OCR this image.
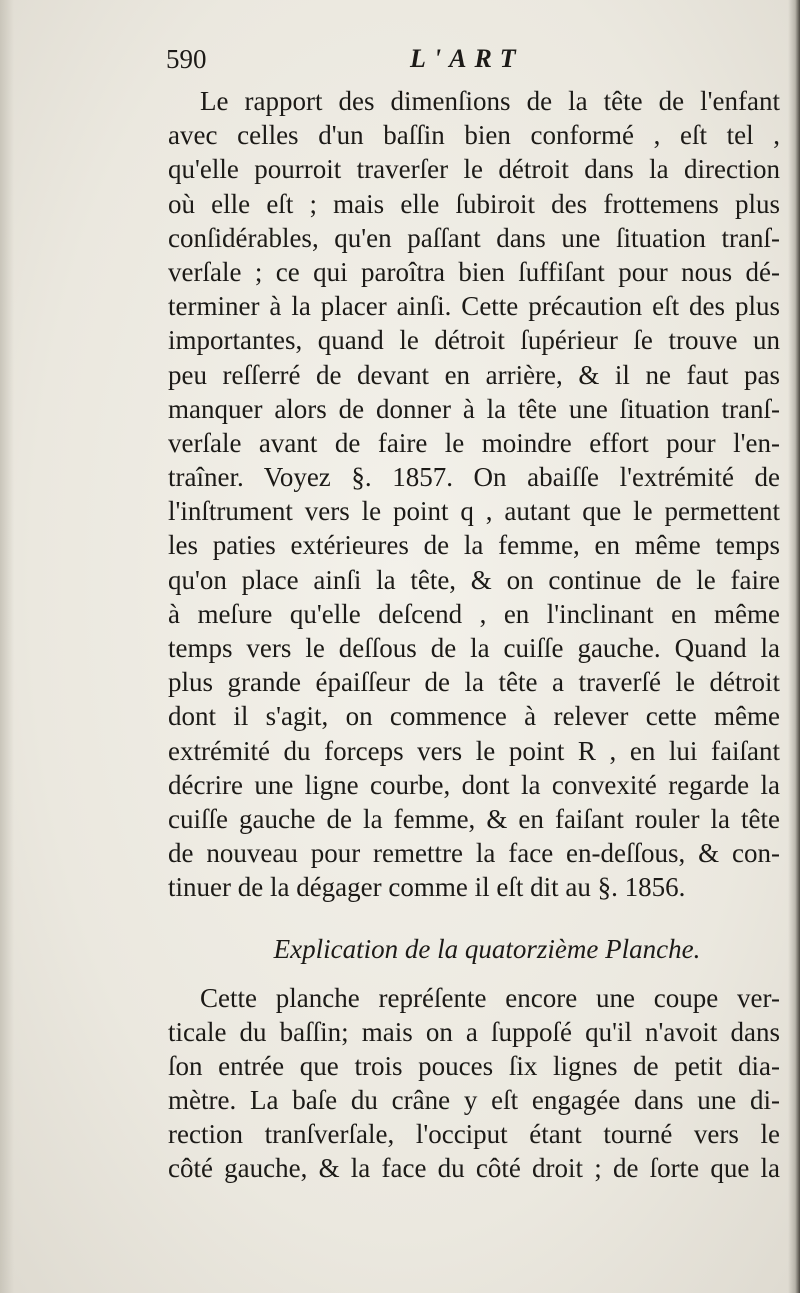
590	L'ART
Le rapport des dimenſions de la tête de l'enfant
avec celles d'un baſſin bien conformé , eſt tel ,
qu'elle pourroit traverſer le détroit dans la direction
où elle eſt ; mais elle ſubiroit des frottemens plus
conſidérables, qu'en paſſant dans une ſituation tranſ-
verſale ; ce qui paroîtra bien ſuffiſant pour nous dé-
terminer à la placer ainſi. Cette précaution eſt des plus
importantes, quand le détroit ſupérieur ſe trouve un
peu reſſerré de devant en arrière, & il ne faut pas
manquer alors de donner à la tête une ſituation tranſ-
verſale avant de faire le moindre effort pour l'en-
traîner. Voyez §. 1857. On abaiſſe l'extrémité de
l'inſtrument vers le point q , autant que le permettent
les paties extérieures de la femme, en même temps
qu'on place ainſi la tête, & on continue de le faire
à meſure qu'elle deſcend , en l'inclinant en même
temps vers le deſſous de la cuiſſe gauche. Quand la
plus grande épaiſſeur de la tête a traverſé le détroit
dont il s'agit, on commence à relever cette même
extrémité du forceps vers le point R , en lui faiſant
décrire une ligne courbe, dont la convexité regarde la
cuiſſe gauche de la femme, & en faiſant rouler la tête
de nouveau pour remettre la face en-deſſous, & con-
tinuer de la dégager comme il eſt dit au §. 1856.
Explication de la quatorzième Planche.
Cette planche repréſente encore une coupe ver-
ticale du baſſin; mais on a ſuppoſé qu'il n'avoit dans
ſon entrée que trois pouces ſix lignes de petit dia-
mètre. La baſe du crâne y eſt engagée dans une di-
rection tranſverſale, l'occiput étant tourné vers le
côté gauche, & la face du côté droit ; de ſorte que la
